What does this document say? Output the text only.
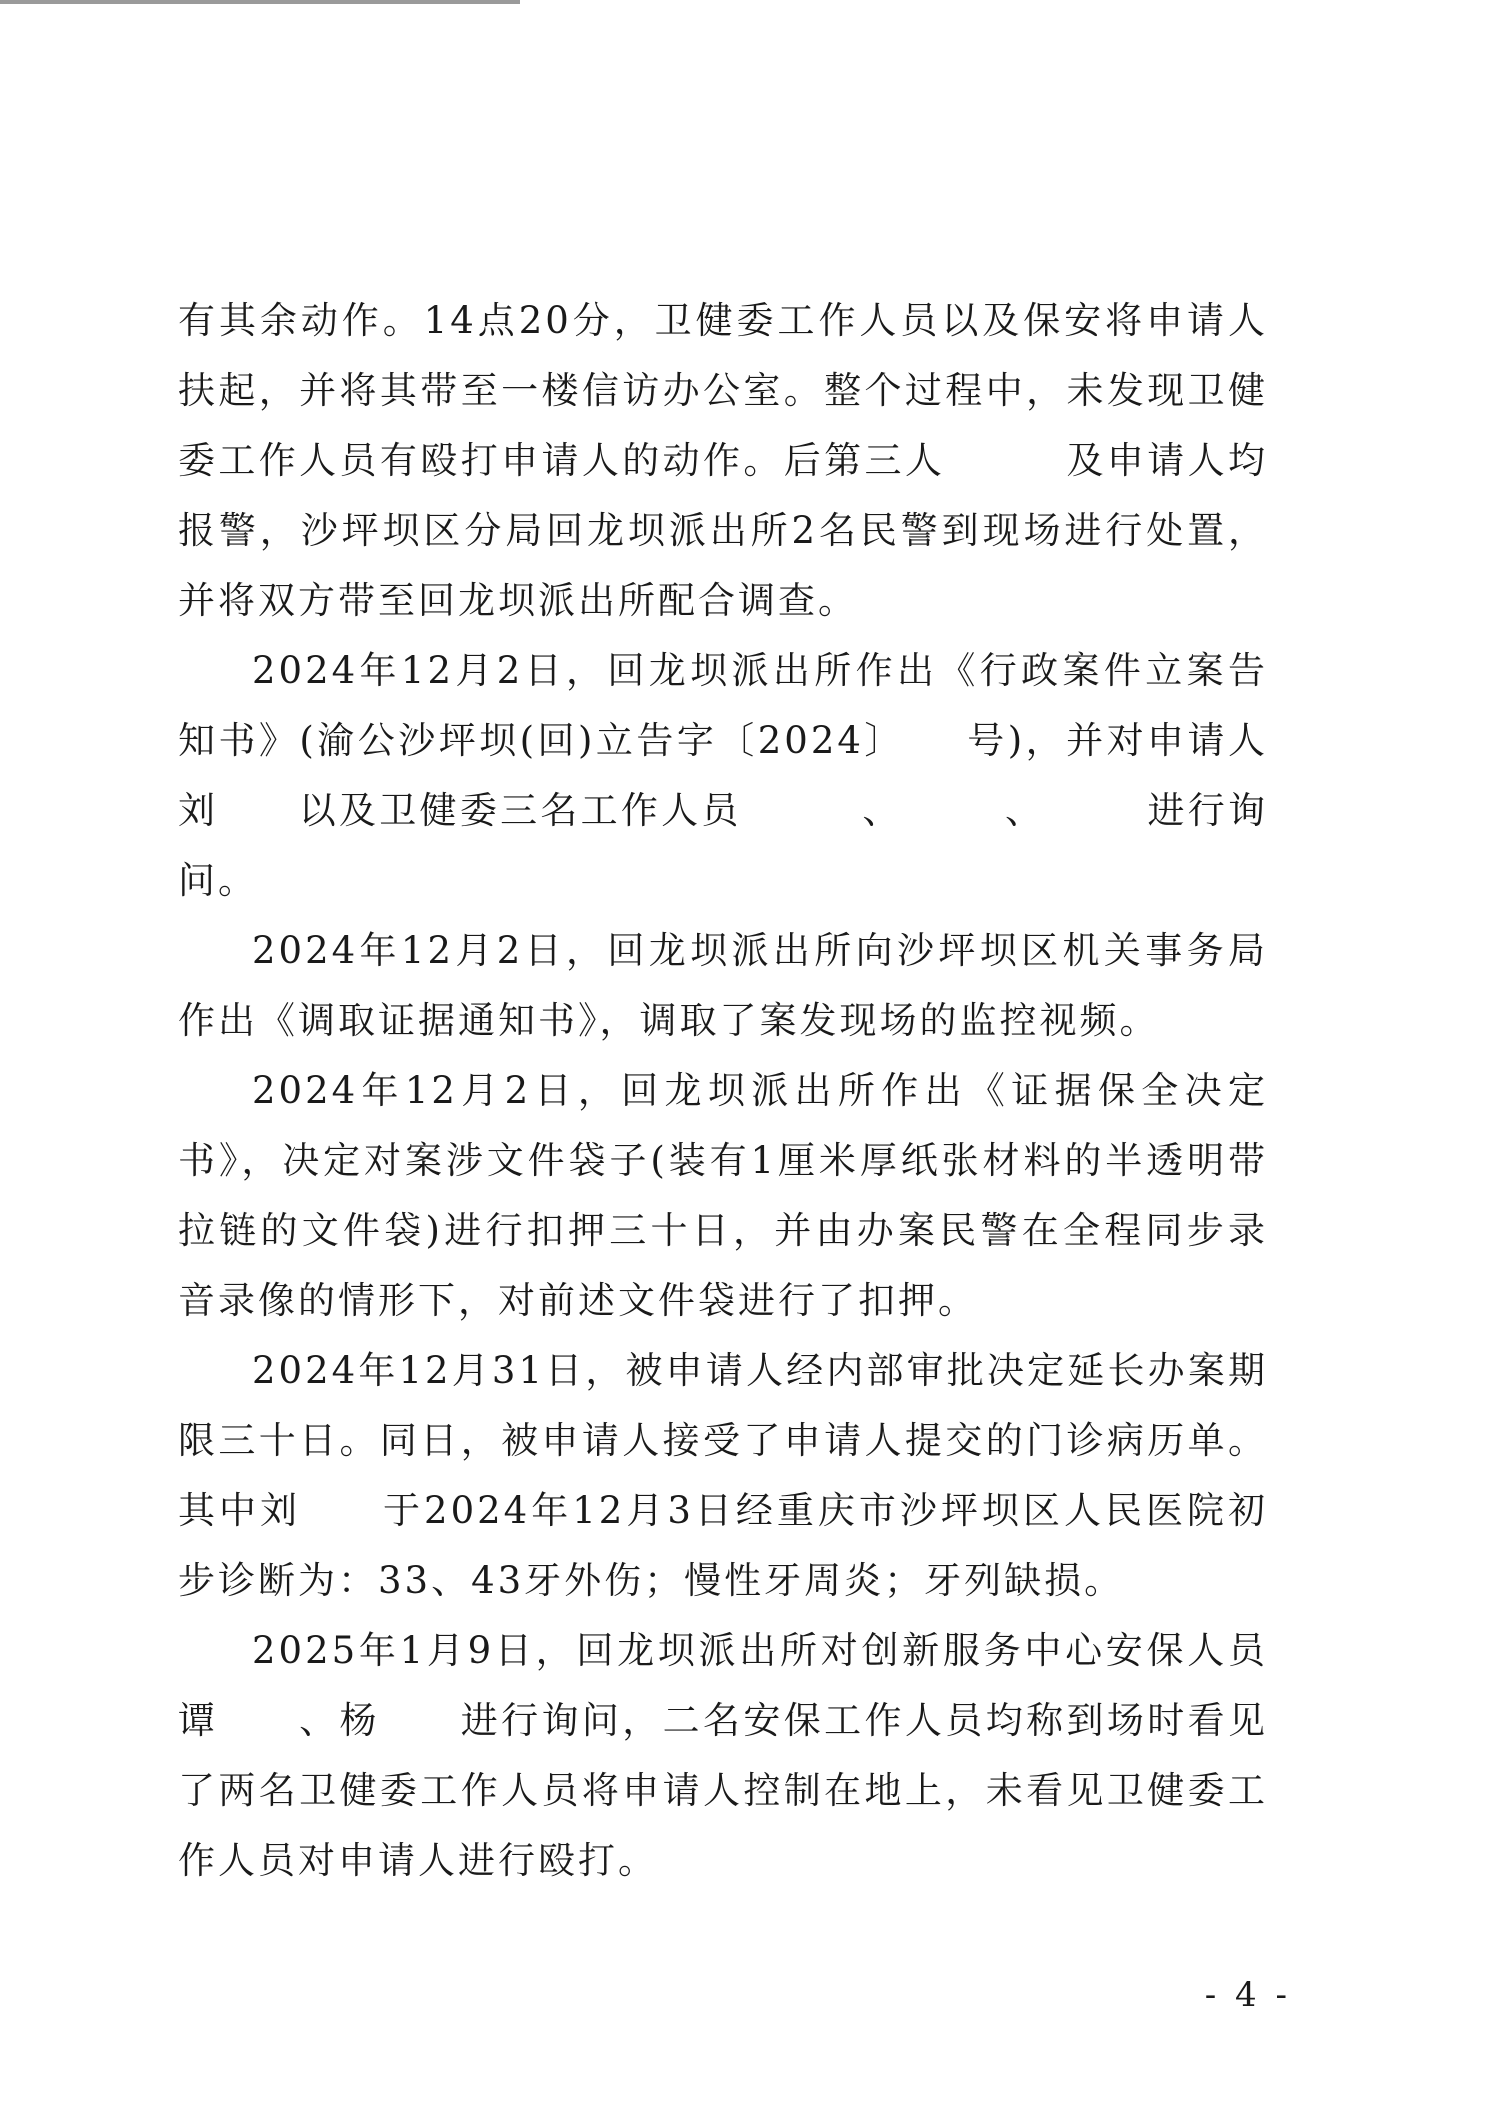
有其余动作。14点20分，卫健委工作人员以及保安将申请人扶起，并将其带至一楼信访办公室。整个过程中，未发现卫健委工作人员有殴打申请人的动作。后第三人　　　及申请人均报警，沙坪坝区分局回龙坝派出所2名民警到现场进行处置，并将双方带至回龙坝派出所配合调查。

2024年12月2日，回龙坝派出所作出《行政案件立案告知书》(渝公沙坪坝(回)立告字〔2024〕　　号)，并对申请人刘　　以及卫健委三名工作人员　　　、　　　、　　　进行询问。

2024年12月2日，回龙坝派出所向沙坪坝区机关事务局作出《调取证据通知书》，调取了案发现场的监控视频。

2024年12月2日，回龙坝派出所作出《证据保全决定书》，决定对案涉文件袋子(装有1厘米厚纸张材料的半透明带拉链的文件袋)进行扣押三十日，并由办案民警在全程同步录音录像的情形下，对前述文件袋进行了扣押。

2024年12月31日，被申请人经内部审批决定延长办案期限三十日。同日，被申请人接受了申请人提交的门诊病历单。其中刘　　于2024年12月3日经重庆市沙坪坝区人民医院初步诊断为：33、43牙外伤；慢性牙周炎；牙列缺损。

2025年1月9日，回龙坝派出所对创新服务中心安保人员谭　　、杨　　进行询问，二名安保工作人员均称到场时看见了两名卫健委工作人员将申请人控制在地上，未看见卫健委工作人员对申请人进行殴打。

- 4 -
